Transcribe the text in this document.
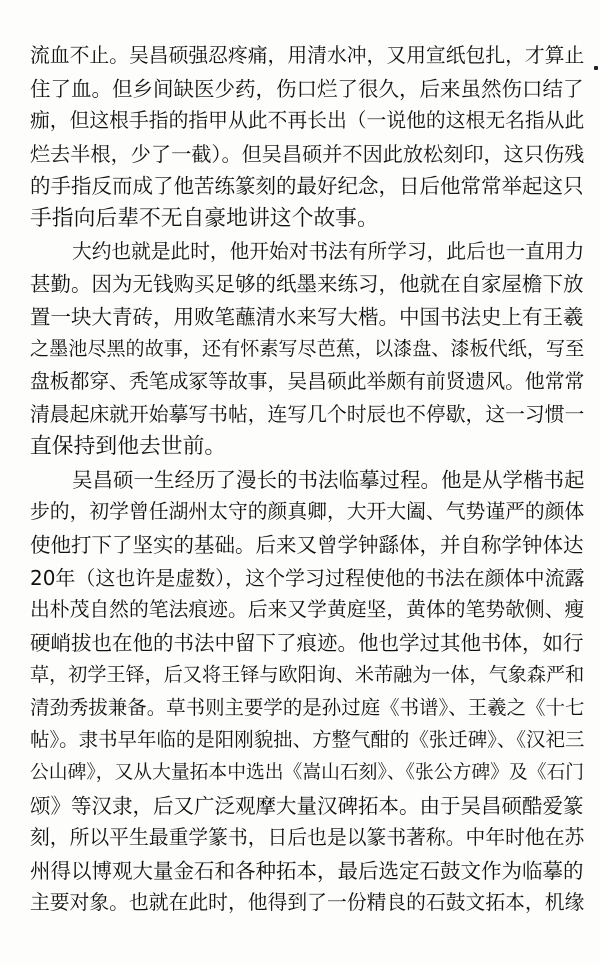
流血不止。吴昌硕强忍疼痛，用清水冲，又用宣纸包扎，才算止
住了血。但乡间缺医少药，伤口烂了很久，后来虽然伤口结了
痂，但这根手指的指甲从此不再长出（一说他的这根无名指从此
烂去半根，少了一截）。但吴昌硕并不因此放松刻印，这只伤残
的手指反而成了他苦练篆刻的最好纪念，日后他常常举起这只
手指向后辈不无自豪地讲这个故事。
大约也就是此时，他开始对书法有所学习，此后也一直用力
甚勤。因为无钱购买足够的纸墨来练习，他就在自家屋檐下放
置一块大青砖，用败笔蘸清水来写大楷。中国书法史上有王羲
之墨池尽黑的故事，还有怀素写尽芭蕉，以漆盘、漆板代纸，写至
盘板都穿、秃笔成冢等故事，吴昌硕此举颇有前贤遗风。他常常
清晨起床就开始摹写书帖，连写几个时辰也不停歇，这一习惯一
直保持到他去世前。
吴昌硕一生经历了漫长的书法临摹过程。他是从学楷书起
步的，初学曾任湖州太守的颜真卿，大开大阖、气势谨严的颜体
使他打下了坚实的基础。后来又曾学钟繇体，并自称学钟体达
20年（这也许是虚数），这个学习过程使他的书法在颜体中流露
出朴茂自然的笔法痕迹。后来又学黄庭坚，黄体的笔势欹侧、瘦
硬峭拔也在他的书法中留下了痕迹。他也学过其他书体，如行
草，初学王铎，后又将王铎与欧阳询、米芾融为一体，气象森严和
清劲秀拔兼备。草书则主要学的是孙过庭《书谱》、王羲之《十七
帖》。隶书早年临的是阳刚貌拙、方整气酣的《张迁碑》、《汉祀三
公山碑》，又从大量拓本中选出《嵩山石刻》、《张公方碑》及《石门
颂》等汉隶，后又广泛观摩大量汉碑拓本。由于吴昌硕酷爱篆
刻，所以平生最重学篆书，日后也是以篆书著称。中年时他在苏
州得以博观大量金石和各种拓本，最后选定石鼓文作为临摹的
主要对象。也就在此时，他得到了一份精良的石鼓文拓本，机缘
